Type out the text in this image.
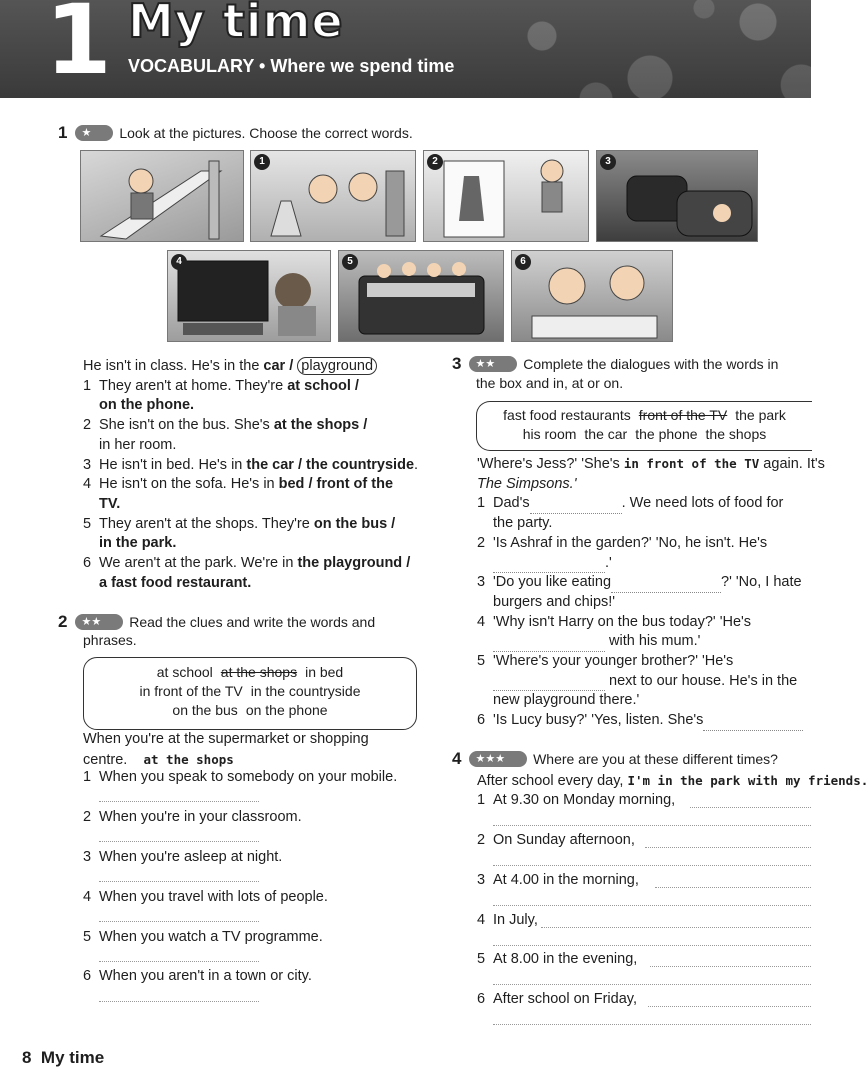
1 My time
VOCABULARY • Where we spend time
1 ★ Look at the pictures. Choose the correct words.
1	2	3
4	5	6
He isn't in class. He's in the car / playground
1 They aren't at home. They're at school /
on the phone.
2 She isn't on the bus. She's at the shops /
in her room.
3 He isn't in bed. He's in the car / the countryside.
4 He isn't on the sofa. He's in bed / front of the
TV.
5 They aren't at the shops. They're on the bus /
in the park.
6 We aren't at the park. We're in the playground /
a fast food restaurant.
2 ★★ Read the clues and write the words and
phrases.
at school at the shops in bed
in front of the TV in the countryside
on the bus on the phone
When you're at the supermarket or shopping
centre. at the shops
1 When you speak to somebody on your mobile.
2 When you're in your classroom.
3 When you're asleep at night.
4 When you travel with lots of people.
5 When you watch a TV programme.
6 When you aren't in a town or city.
3 ★★ Complete the dialogues with the words in
the box and in, at or on.
fast food restaurants front of the TV the park
his room the car the phone the shops
'Where's Jess?' 'She's in front of the TV again. It's
The Simpsons.'
1 Dad's	. We need lots of food for
the party.
2 'Is Ashraf in the garden?' 'No, he isn't. He's
.'
3 'Do you like eating	?' 'No, I hate
burgers and chips!'
4 'Why isn't Harry on the bus today?' 'He's
with his mum.'
5 'Where's your younger brother?' 'He's
next to our house. He's in the
new playground there.'
6 'Is Lucy busy?' 'Yes, listen. She's
4 ★★★ Where are you at these different times?
After school every day, I'm in the park with my friends.
1 At 9.30 on Monday morning,
2 On Sunday afternoon,
3 At 4.00 in the morning,
4 In July,
5 At 8.00 in the evening,
6 After school on Friday,
8 My time
